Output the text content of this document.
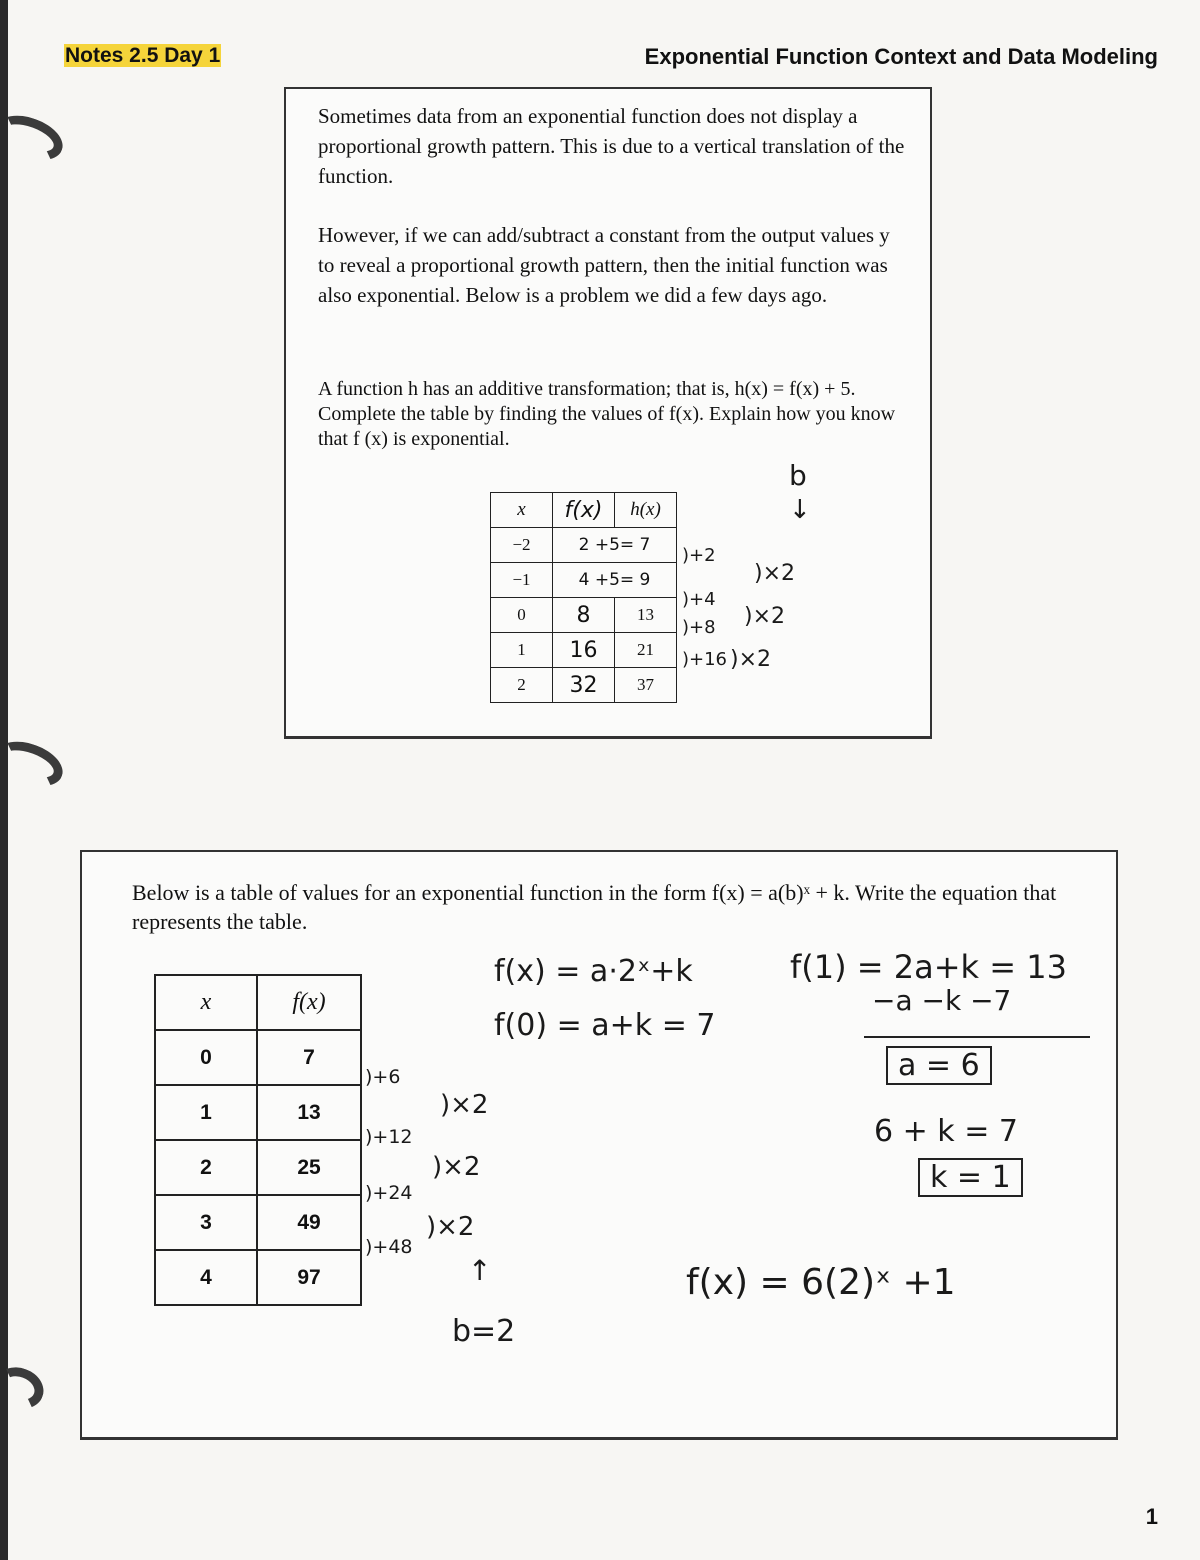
Notes 2.5 Day 1	Exponential Function Context and Data Modeling
Sometimes data from an exponential function does not display a proportional growth pattern. This is due to a vertical translation of the function.
However, if we can add/subtract a constant from the output values y to reveal a proportional growth pattern, then the initial function was also exponential. Below is a problem we did a few days ago.
A function h has an additive transformation; that is, h(x) = f(x) + 5. Complete the table by finding the values of f(x). Explain how you know that f (x) is exponential.
x	f(x)	h(x)
−2	2 +5= 7	
−1	4 +5= 9	
0	8	13
1	16	21
2	32	37
b
↓
)+2
)+4
)+8
)+16
)×2
)×2
)×2
Below is a table of values for an exponential function in the form f(x) = a(b)ˣ + k. Write the equation that represents the table.
x	f(x)
0	7
1	13
2	25
3	49
4	97
)+6
)+12
)+24
)+48
)×2
)×2
)×2
↑
b=2
f(x) = a·2ˣ+k
f(0) = a+k = 7
f(1) = 2a+k = 13
−a −k −7
a = 6
6 + k = 7
k = 1
f(x) = 6(2)ˣ +1
1
